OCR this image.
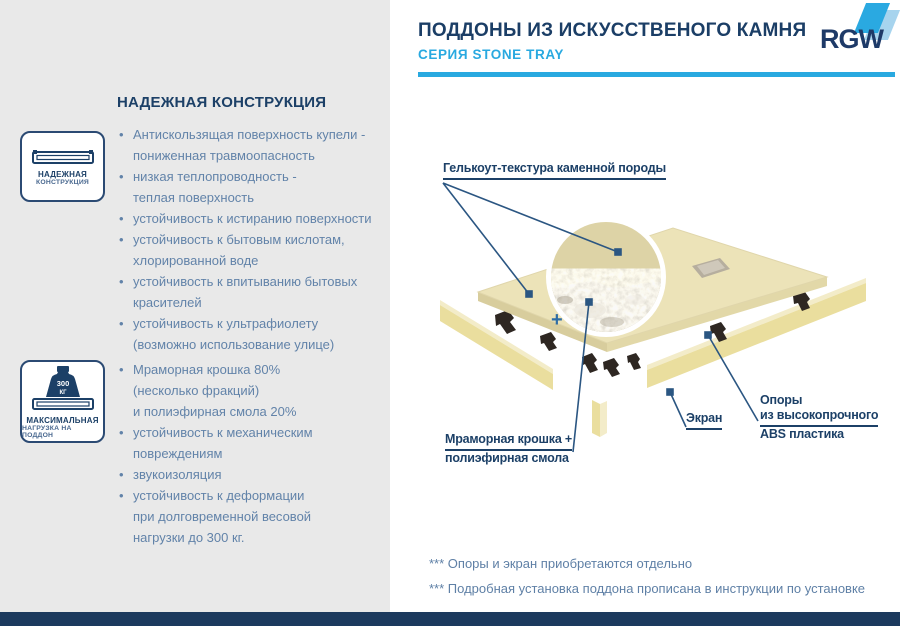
НАДЕЖНАЯ КОНСТРУКЦИЯ
НАДЕЖНАЯ
КОНСТРУКЦИЯ
300
КГ
МАКСИМАЛЬНАЯ
НАГРУЗКА НА ПОДДОН
• Антискользящая поверхность купели -
пониженная травмоопасность
• низкая теплопроводность -
теплая поверхность
• устойчивость к истиранию поверхности
• устойчивость к бытовым кислотам,
хлорированной воде
• устойчивость к впитыванию бытовых
красителей
• устойчивость к ультрафиолету
(возможно использование улице)
• Мраморная крошка 80%
(несколько фракций)
и полиэфирная смола 20%
• устойчивость к механическим
повреждениям
• звукоизоляция
• устойчивость к деформации
при долговременной весовой
нагрузки до 300 кг.
ПОДДОНЫ ИЗ ИСКУССТВЕНОГО КАМНЯ
СЕРИЯ STONE TRAY
RGW
Гелькоут-текстура каменной породы
Мраморная крошка +
полиэфирная смола
Экран
Опоры
из высокопрочного
ABS пластика
+
*** Опоры и экран приобретаются отдельно
*** Подробная установка поддона прописана в инструкции по установке
